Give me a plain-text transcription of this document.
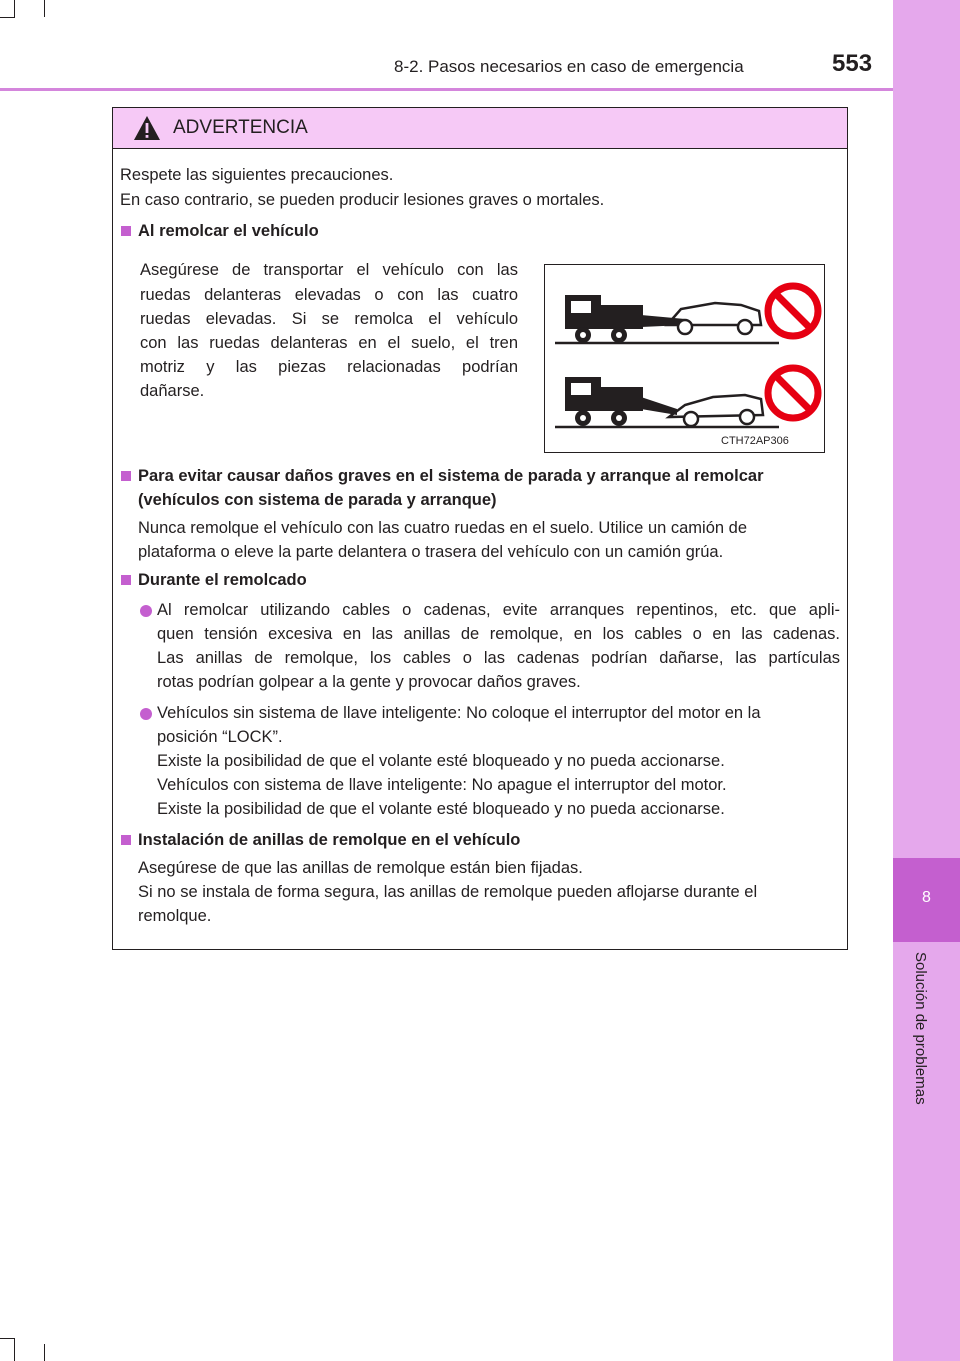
8
Solución de problemas
8-2. Pasos necesarios en caso de emergencia	553
ADVERTENCIA
Respete las siguientes precauciones.
En caso contrario, se pueden producir lesiones graves o mortales.
Al remolcar el vehículo
Asegúrese de transportar el vehículo con las
ruedas delanteras elevadas o con las cuatro
ruedas elevadas. Si se remolca el vehículo
con las ruedas delanteras en el suelo, el tren
motriz y las piezas relacionadas podrían
dañarse.
Para evitar causar daños graves en el sistema de parada y arranque al remolcar
(vehículos con sistema de parada y arranque)
Nunca remolque el vehículo con las cuatro ruedas en el suelo. Utilice un camión de
plataforma o eleve la parte delantera o trasera del vehículo con un camión grúa.
Durante el remolcado
Al remolcar utilizando cables o cadenas, evite arranques repentinos, etc. que apli-
quen tensión excesiva en las anillas de remolque, en los cables o en las cadenas.
Las anillas de remolque, los cables o las cadenas podrían dañarse, las partículas
rotas podrían golpear a la gente y provocar daños graves.
Vehículos sin sistema de llave inteligente: No coloque el interruptor del motor en la
posición “LOCK”.
Existe la posibilidad de que el volante esté bloqueado y no pueda accionarse.
Vehículos con sistema de llave inteligente: No apague el interruptor del motor.
Existe la posibilidad de que el volante esté bloqueado y no pueda accionarse.
Instalación de anillas de remolque en el vehículo
Asegúrese de que las anillas de remolque están bien fijadas.
Si no se instala de forma segura, las anillas de remolque pueden aflojarse durante el
remolque.
CTH72AP306
